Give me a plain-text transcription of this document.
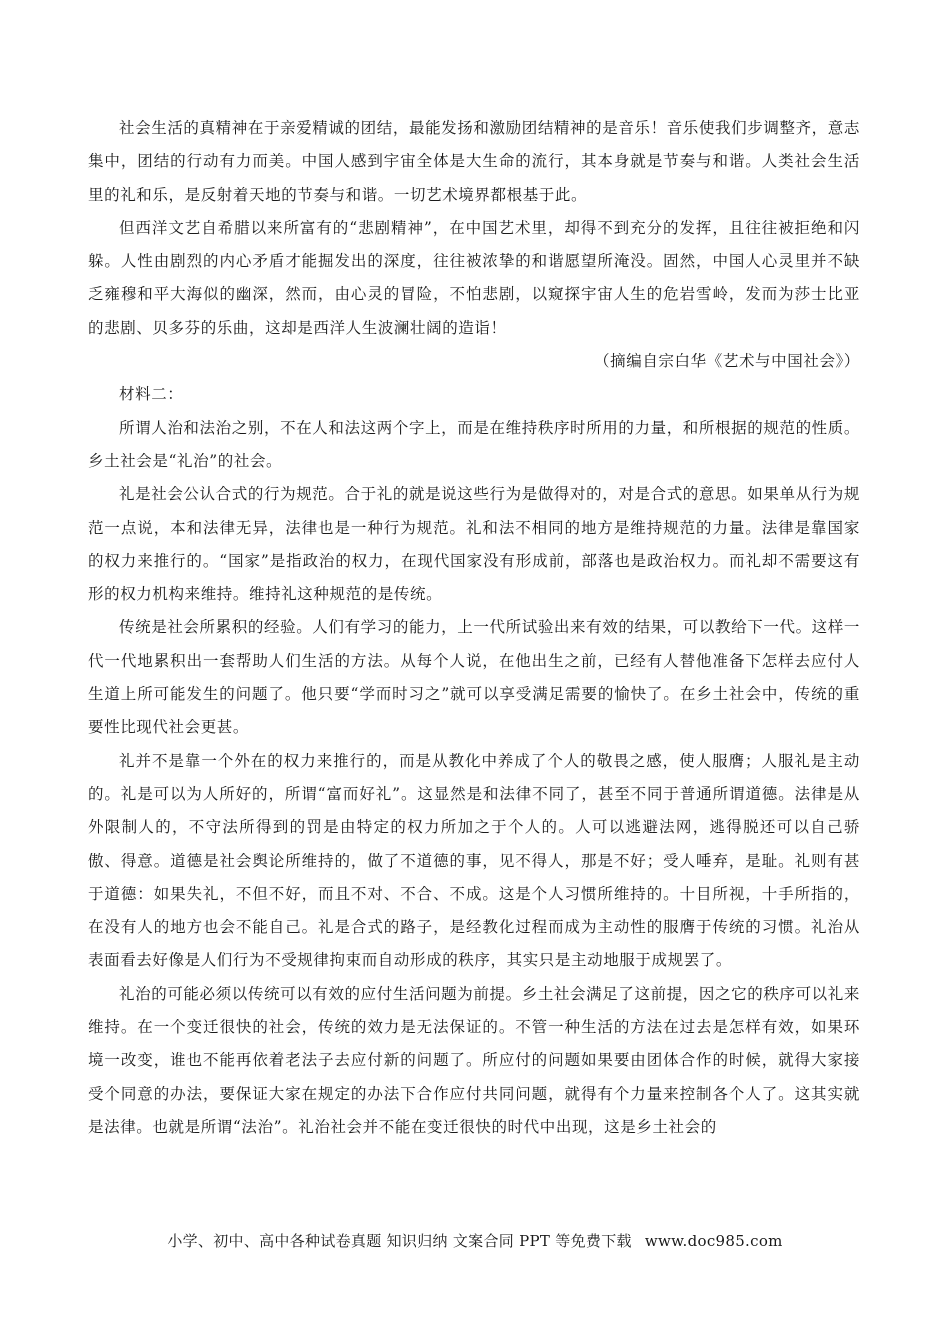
社会生活的真精神在于亲爱精诚的团结，最能发扬和激励团结精神的是音乐！音乐使我们步调整齐，意志集中，团结的行动有力而美。中国人感到宇宙全体是大生命的流行，其本身就是节奏与和谐。人类社会生活里的礼和乐，是反射着天地的节奏与和谐。一切艺术境界都根基于此。

但西洋文艺自希腊以来所富有的“悲剧精神”，在中国艺术里，却得不到充分的发挥，且往往被拒绝和闪躲。人性由剧烈的内心矛盾才能掘发出的深度，往往被浓挚的和谐愿望所淹没。固然，中国人心灵里并不缺乏雍穆和平大海似的幽深，然而，由心灵的冒险，不怕悲剧，以窥探宇宙人生的危岩雪岭，发而为莎士比亚的悲剧、贝多芬的乐曲，这却是西洋人生波澜壮阔的造诣！

（摘编自宗白华《艺术与中国社会》）

材料二：

所谓人治和法治之别，不在人和法这两个字上，而是在维持秩序时所用的力量，和所根据的规范的性质。乡土社会是“礼治”的社会。

礼是社会公认合式的行为规范。合于礼的就是说这些行为是做得对的，对是合式的意思。如果单从行为规范一点说，本和法律无异，法律也是一种行为规范。礼和法不相同的地方是维持规范的力量。法律是靠国家的权力来推行的。“国家”是指政治的权力，在现代国家没有形成前，部落也是政治权力。而礼却不需要这有形的权力机构来维持。维持礼这种规范的是传统。

传统是社会所累积的经验。人们有学习的能力，上一代所试验出来有效的结果，可以教给下一代。这样一代一代地累积出一套帮助人们生活的方法。从每个人说，在他出生之前，已经有人替他准备下怎样去应付人生道上所可能发生的问题了。他只要“学而时习之”就可以享受满足需要的愉快了。在乡土社会中，传统的重要性比现代社会更甚。

礼并不是靠一个外在的权力来推行的，而是从教化中养成了个人的敬畏之感，使人服膺；人服礼是主动的。礼是可以为人所好的，所谓“富而好礼”。这显然是和法律不同了，甚至不同于普通所谓道德。法律是从外限制人的，不守法所得到的罚是由特定的权力所加之于个人的。人可以逃避法网，逃得脱还可以自己骄傲、得意。道德是社会舆论所维持的，做了不道德的事，见不得人，那是不好；受人唾弃，是耻。礼则有甚于道德：如果失礼，不但不好，而且不对、不合、不成。这是个人习惯所维持的。十目所视，十手所指的，在没有人的地方也会不能自己。礼是合式的路子，是经教化过程而成为主动性的服膺于传统的习惯。礼治从表面看去好像是人们行为不受规律拘束而自动形成的秩序，其实只是主动地服于成规罢了。

礼治的可能必须以传统可以有效的应付生活问题为前提。乡土社会满足了这前提，因之它的秩序可以礼来维持。在一个变迁很快的社会，传统的效力是无法保证的。不管一种生活的方法在过去是怎样有效，如果环境一改变，谁也不能再依着老法子去应付新的问题了。所应付的问题如果要由团体合作的时候，就得大家接受个同意的办法，要保证大家在规定的办法下合作应付共同问题，就得有个力量来控制各个人了。这其实就是法律。也就是所谓“法治”。礼治社会并不能在变迁很快的时代中出现，这是乡土社会的

小学、初中、高中各种试卷真题 知识归纳 文案合同 PPT 等免费下载 www.doc985.com
